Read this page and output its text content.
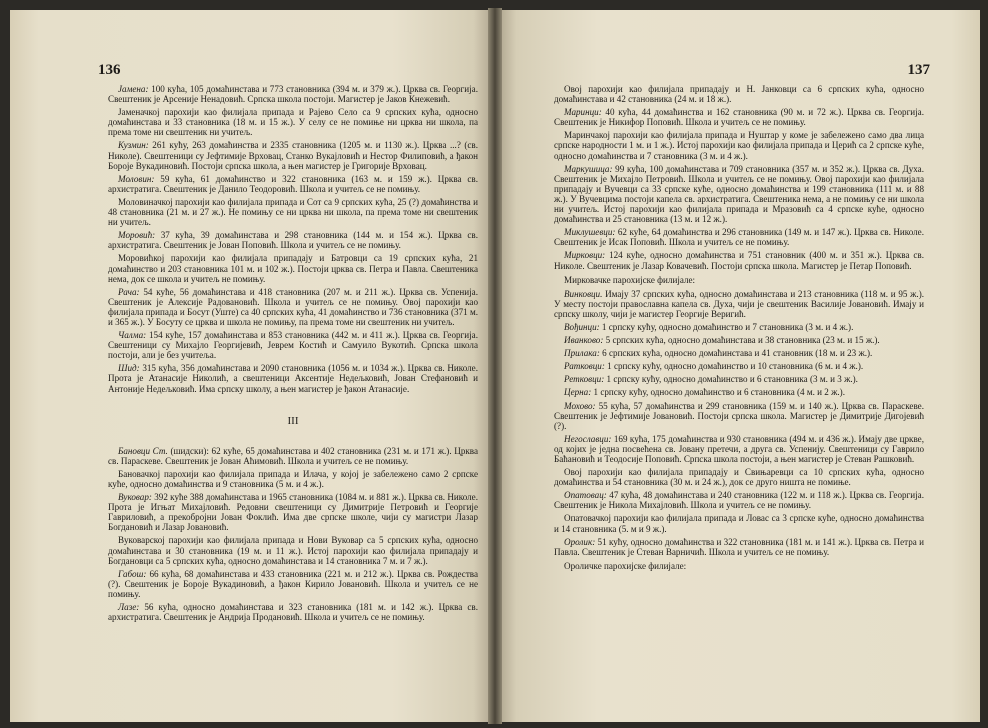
136
Јамена: 100 кућа, 105 домаћинстава и 773 становника (394 м. и 379 ж.). Црква св. Георгија. Свештеник је Арсеније Ненадовић. Српска школа постоји. Магистер је Јаков Кнежевић.
Јаменачкој парохији као филијала припада и Рајево Село са 9 српских кућа, односно домаћинстава и 33 становника (18 м. и 15 ж.). У селу се не помиње ни црква ни школа, па према томе ни свештеник ни учитељ.
Кузмин: 261 кућу, 263 домаћинства и 2335 становника (1205 м. и 1130 ж.). Црква ...? (св. Николе). Свештеници су Јефтимије Врховац, Станко Вукајловић и Нестор Филиповић, а ђакон Борoје Вукадиновић. Постоји српска школа, а њен магистер је Григорије Врховац.
Моловин: 59 кућа, 61 домаћинство и 322 становника (163 м. и 159 ж.). Црква св. архистратига. Свештеник је Данило Теодоровић. Школа и учитељ се не помињу.
Моловиначкој парохији као филијала припада и Сот са 9 српских кућа, 25 (?) домаћинства и 48 становника (21 м. и 27 ж.). Не помињу се ни црква ни школа, па према томе ни свештеник ни учитељ.
Моровић: 37 кућа, 39 домаћинстава и 298 становника (144 м. и 154 ж.). Црква св. архистратига. Свештеник је Јован Поповић. Школа и учитељ се не помињу.
Моровићкој парохији као филијала припадају и Батровци са 19 српских кућа, 21 домаћинство и 203 становника 101 м. и 102 ж.). Постоји црква св. Петра и Павла. Свештеника нема, док се школа и учитељ не помињу.
Рача: 54 куће, 56 домаћинстава и 418 становника (207 м. и 211 ж.). Црква св. Успенија. Свештеник је Алексије Радовановић. Школа и учитељ се не помињу. Овој парохији као филијала припада и Босут (Уште) са 40 српских кућа, 41 домаћинство и 736 становника (371 м. и 365 ж.). У Босуту се црква и школа не помињу, па према томе ни свештеник ни учитељ.
Чалма: 154 куће, 157 домаћинстава и 853 становника (442 м. и 411 ж.). Црква св. Георгија. Свештеници су Михајло Георгијевић, Јеврем Костић и Самуило Вукотић. Српска школа постоји, али је без учитеља.
Шид: 315 кућа, 356 домаћинстава и 2090 становника (1056 м. и 1034 ж.). Црква св. Николе. Прота је Атанасије Николић, а свештеници Аксентије Недељковић, Јован Стефановић и Антоније Недељковић. Има српску школу, а њен магистер је ђакон Атанасије.
III
Бановци Ст. (шидски): 62 куће, 65 домаћинстава и 402 становника (231 м. и 171 ж.). Црква св. Параскеве. Свештеник је Јован Аћимовић. Школа и учитељ се не помињу.
Бановачкој парохији као филијала припада и Илача, у којој је забележено само 2 српске куће, односно домаћинства и 9 становника (5 м. и 4 ж.).
Вуковар: 392 куће 388 домаћинстава и 1965 становника (1084 м. и 881 ж.). Црква св. Николе. Прота је Игњат Михајловић. Редовни свештеници су Димитрије Петровић и Георгије Гавриловић, а прекобројни Јован Фоклић. Има две српске школе, чији су магистри Лазар Богдановић и Лазар Јовановић.
Вуковарској парохији као филијала припада и Нови Вуковар са 5 српских кућа, односно домаћинстава и 30 становника (19 м. и 11 ж.). Истој парохији као филијала припадају и Богдановци са 5 српских кућа, односно домаћинстава и 14 становника 7 м. и 7 ж.).
Габош: 66 кућа, 68 домаћинстава и 433 становника (221 м. и 212 ж.). Црква св. Рождества (?). Свештеник је Борoје Вукадиновић, а ђакон Кирило Јовановић. Школа и учитељ се не помињу.
Лазе: 56 кућа, односно домаћинстава и 323 становника (181 м. и 142 ж.). Црква св. архистратига. Свештеник је Андрија Продановић. Школа и учитељ се не помињу.
137
Овој парохији као филијала припадају и Н. Јанковци са 6 српских кућа, односно домаћинстава и 42 становника (24 м. и 18 ж.).
Маринци: 40 кућа, 44 домаћинства и 162 становника (90 м. и 72 ж.). Црква св. Георгија. Свештеник је Никифор Поповић. Школа и учитељ се не помињу.
Маринчакој парохији као филијала припада и Нуштар у коме је забележено само два лица српске народности 1 м. и 1 ж.). Истој парохији као филијала припада и Церић са 2 српске куће, односно домаћинства и 7 становника (3 м. и 4 ж.).
Маркушица: 99 кућа, 100 домаћинстава и 709 становника (357 м. и 352 ж.). Црква св. Духа. Свештеник је Михајло Петровић. Школа и учитељ се не помињу. Овој парохији као филијала припадају и Вучевци са 33 српске куће, односно домаћинства и 199 становника (111 м. и 88 ж.). У Вучевцима постоји капела св. архистратига. Свештеника нема, а не помињу се ни школа ни учитељ. Истој парохији као филијала припада и Мразовић са 4 српске куће, односно домаћинства и 25 становника (13 м. и 12 ж.).
Миклушевци: 62 куће, 64 домаћинства и 296 становника (149 м. и 147 ж.). Црква св. Николе. Свештеник је Исак Поповић. Школа и учитељ се не помињу.
Мирковци: 124 куће, односно домаћинства и 751 становник (400 м. и 351 ж.). Црква св. Николе. Свештеник је Лазар Ковачевић. Постоји српска школа. Магистер је Петар Поповић.
Мирковачке парохијске филијале:
Винковци. Имају 37 српских кућа, односно домаћинстава и 213 становника (118 м. и 95 ж.). У месту постоји православна капела св. Духа, чији је свештеник Василије Јовановић. Имају и српску школу, чији је магистер Георгије Веригић.
Вођинци: 1 српску кућу, односно домаћинство и 7 становника (3 м. и 4 ж.).
Иванково: 5 српских кућа, односно домаћинстава и 38 становника (23 м. и 15 ж.).
Прилака: 6 српских кућа, односно домаћинстава и 41 становник (18 м. и 23 ж.).
Ратковци: 1 српску кућу, односно домаћинство и 10 становника (6 м. и 4 ж.).
Ретковци: 1 српску кућу, односно домаћинство и 6 становника (3 м. и 3 ж.).
Церна: 1 српску кућу, односно домаћинство и 6 становника (4 м. и 2 ж.).
Мохово: 55 кућа, 57 домаћинства и 299 становника (159 м. и 140 ж.). Црква св. Параскеве. Свештеник је Јефтимије Јовановић. Постоји српска школа. Магистер је Димитрије Дигојевић (?).
Негославци: 169 кућа, 175 домаћинства и 930 становника (494 м. и 436 ж.). Имају две цркве, од којих је једна посвећена св. Јовану претечи, а друга св. Успенију. Свештеници су Гаврило Баћановић и Теодосије Поповић. Српска школа постоји, а њен магистер је Стеван Рашковић.
Овој парохији као филијала припадају и Свињаревци са 10 српских кућа, односно домаћинства и 54 становника (30 м. и 24 ж.), док се друго ништа не помиње.
Опатовац: 47 кућа, 48 домаћинстава и 240 становника (122 м. и 118 ж.). Црква св. Георгија. Свештеник је Никола Михајловић. Школа и учитељ се не помињу.
Опатовачкој парохији као филијала припада и Ловас са 3 српске куће, односно домаћинства и 14 становника (5. м и 9 ж.).
Оролик: 51 кућу, односно домаћинства и 322 становника (181 м. и 141 ж.). Црква св. Петра и Павла. Свештеник је Стеван Варничић. Школа и учитељ се не помињу.
Ороличке парохијске филијале:
